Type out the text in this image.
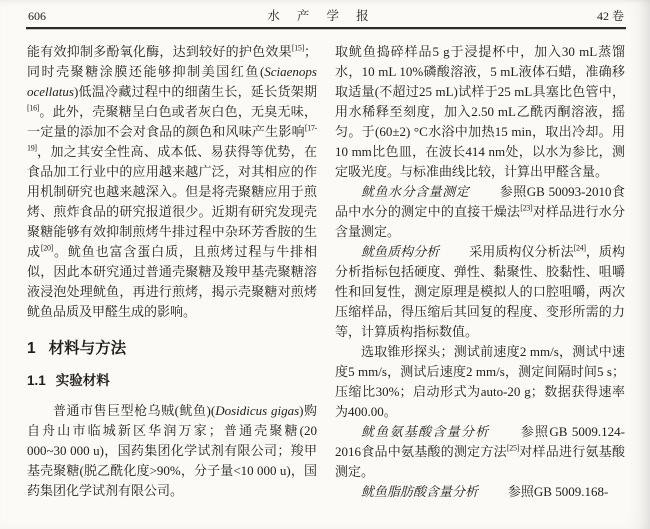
606	水 产 学 报	42 卷
能有效抑制多酚氧化酶，达到较好的护色效果[15]；同时壳聚糖涂膜还能够抑制美国红鱼(Sciaenops ocellatus)低温冷藏过程中的细菌生长，延长货架期[16]。此外，壳聚糖呈白色或者灰白色，无臭无味，一定量的添加不会对食品的颜色和风味产生影响[17-19]，加之其安全性高、成本低、易获得等优势，在食品加工行业中的应用越来越广泛，对其相应的作用机制研究也越来越深入。但是将壳聚糖应用于煎烤、煎炸食品的研究报道很少。近期有研究发现壳聚糖能够有效抑制煎烤牛排过程中杂环芳香胺的生成[20]。鱿鱼也富含蛋白质，且煎烤过程与牛排相似，因此本研究通过普通壳聚糖及羧甲基壳聚糖溶液浸泡处理鱿鱼，再进行煎烤，揭示壳聚糖对煎烤鱿鱼品质及甲醛生成的影响。
1 材料与方法
1.1 实验材料
普通市售巨型枪乌贼(鱿鱼)(Dosidicus gigas)购自舟山市临城新区华润万家；普通壳聚糖(20 000~30 000 u)，国药集团化学试剂有限公司；羧甲基壳聚糖(脱乙酰化度>90%，分子量<10 000 u)，国药集团化学试剂有限公司。
取鱿鱼捣碎样品5 g于浸提杯中，加入30 mL蒸馏水，10 mL 10%磷酸溶液，5 mL液体石蜡，准确移取适量(不超过25 mL)试样于25 mL具塞比色管中，用水稀释至刻度，加入2.50 mL乙酰丙酮溶液，摇匀。于(60±2) °C水浴中加热15 min，取出冷却。用10 mm比色皿，在波长414 nm处，以水为参比，测定吸光度。与标准曲线比较，计算出甲醛含量。
鱿鱼水分含量测定 参照GB 50093-2010食品中水分的测定中的直接干燥法[23]对样品进行水分含量测定。
鱿鱼质构分析 采用质构仪分析法[24]，质构分析指标包括硬度、弹性、黏聚性、胶黏性、咀嚼性和回复性，测定原理是模拟人的口腔咀嚼，两次压缩样品，得压缩后其回复的程度、变形所需的力等，计算质构指标数值。
选取锥形探头；测试前速度2 mm/s，测试中速度5 mm/s，测试后速度2 mm/s，测定间隔时间5 s；压缩比30%；启动形式为auto-20 g；数据获得速率为400.00。
鱿鱼氨基酸含量分析 参照GB 5009.124-2016食品中氨基酸的测定方法[25]对样品进行氨基酸测定。
鱿鱼脂肪酸含量分析 参照GB 5009.168-
